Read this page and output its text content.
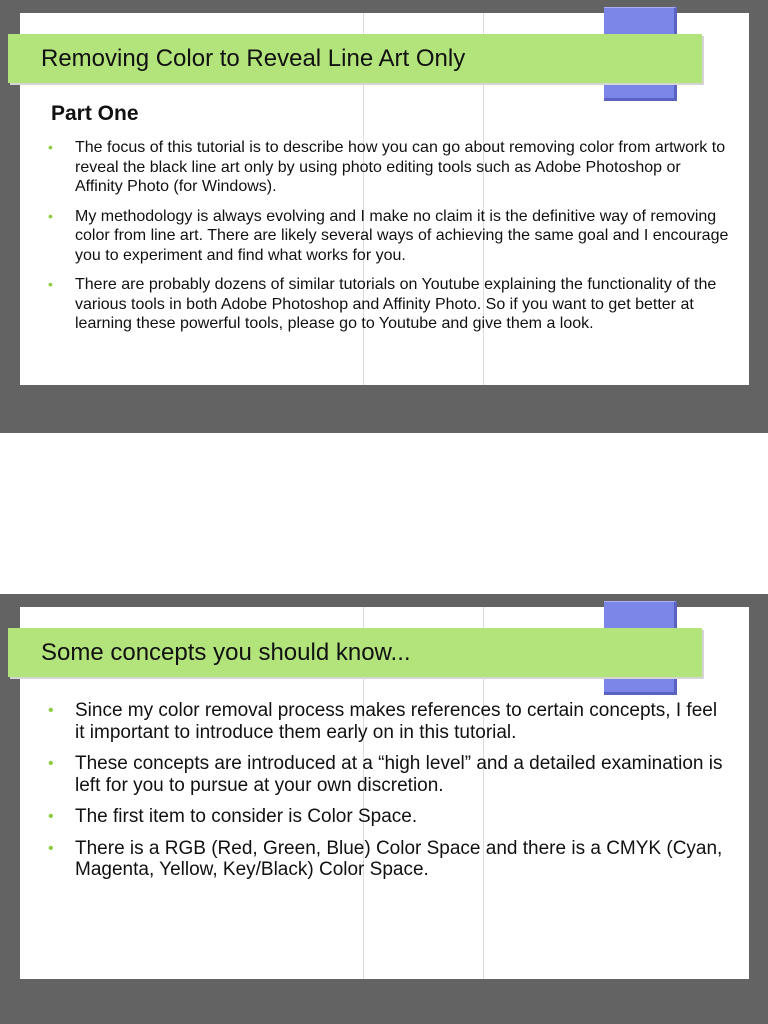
Removing Color to Reveal Line Art Only
Part One
• The focus of this tutorial is to describe how you can go about removing color from artwork to reveal the black line art only by using photo editing tools such as Adobe Photoshop or Affinity Photo (for Windows).
• My methodology is always evolving and I make no claim it is the definitive way of removing color from line art. There are likely several ways of achieving the same goal and I encourage you to experiment and find what works for you.
• There are probably dozens of similar tutorials on Youtube explaining the functionality of the various tools in both Adobe Photoshop and Affinity Photo. So if you want to get better at learning these powerful tools, please go to Youtube and give them a look.
Some concepts you should know...
• Since my color removal process makes references to certain concepts, I feel it important to introduce them early on in this tutorial.
• These concepts are introduced at a “high level” and a detailed examination is left for you to pursue at your own discretion.
• The first item to consider is Color Space.
• There is a RGB (Red, Green, Blue) Color Space and there is a CMYK (Cyan, Magenta, Yellow, Key/Black) Color Space.
